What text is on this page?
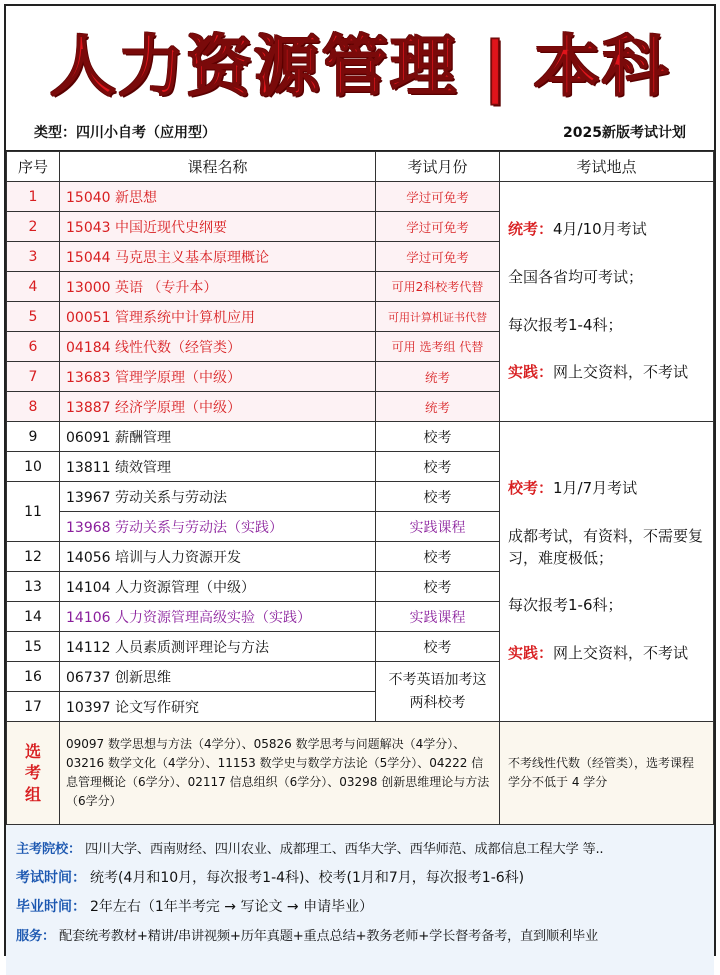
人力资源管理 | 本科
类型：四川小自考（应用型）	2025新版考试计划
序号	课程名称	考试月份	考试地点
1	15040 新思想	学过可免考	统考：4月/10月考试

全国各省均可考试；

每次报考1-4科；

实践：网上交资料，不考试

2	15043 中国近现代史纲要	学过可免考	
3	15044 马克思主义基本原理概论	学过可免考	
4	13000 英语 （专升本）	可用2科校考代替	
5	00051 管理系统中计算机应用	可用计算机证书代替	
6	04184 线性代数（经管类）	可用 选考组 代替	
7	13683 管理学原理（中级）	统考	
8	13887 经济学原理（中级）	统考	
9	06091 薪酬管理	校考	校考：1月/7月考试

成都考试，有资料，不需要复习，难度极低；

每次报考1-6科；

实践：网上交资料，不考试

10	13811 绩效管理	校考	
11	13967 劳动关系与劳动法	校考	
	13968 劳动关系与劳动法（实践）	实践课程	
12	14056 培训与人力资源开发	校考	
13	14104 人力资源管理（中级）	校考	
14	14106 人力资源管理高级实验（实践）	实践课程	
15	14112 人员素质测评理论与方法	校考	
16	06737 创新思维	不考英语加考这两科校考	
17	10397 论文写作研究		

选考组	09097 数学思想与方法（4学分）、05826 数学思考与问题解决（4学分）、03216 数学文化（4学分）、11153 数学史与数学方法论（5学分）、04222 信息管理概论（6学分）、02117 信息组织（6学分）、03298 创新思维理论与方法（6学分）		不考线性代数（经管类），选考课程学分不低于 4 学分
主考院校： 四川大学、西南财经、四川农业、成都理工、西华大学、西华师范、成都信息工程大学 等..
考试时间： 统考(4月和10月，每次报考1-4科)、校考(1月和7月，每次报考1-6科)
毕业时间： 2年左右（1年半考完 → 写论文 → 申请毕业）
服务： 配套统考教材+精讲/串讲视频+历年真题+重点总结+教务老师+学长督考备考，直到顺利毕业
